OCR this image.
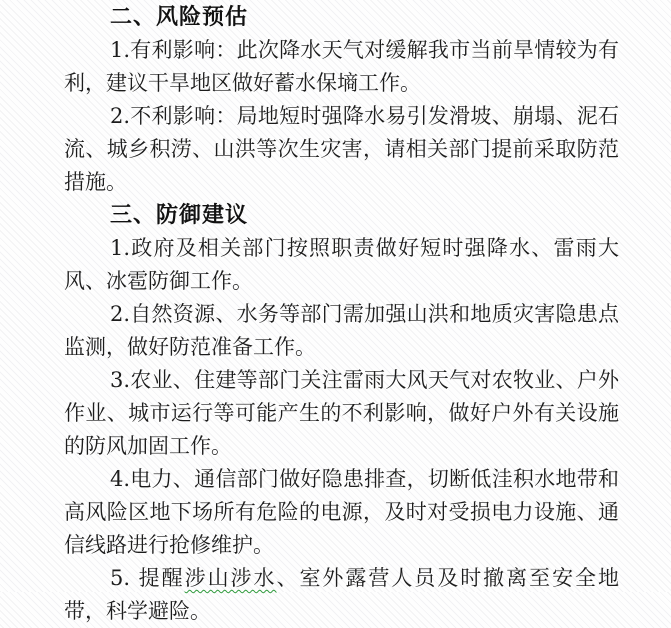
二、风险预估

1.有利影响：此次降水天气对缓解我市当前旱情较为有利，建议干旱地区做好蓄水保墒工作。

2.不利影响：局地短时强降水易引发滑坡、崩塌、泥石流、城乡积涝、山洪等次生灾害，请相关部门提前采取防范措施。

三、防御建议

1.政府及相关部门按照职责做好短时强降水、雷雨大风、冰雹防御工作。

2.自然资源、水务等部门需加强山洪和地质灾害隐患点监测，做好防范准备工作。

3.农业、住建等部门关注雷雨大风天气对农牧业、户外作业、城市运行等可能产生的不利影响，做好户外有关设施的防风加固工作。

4.电力、通信部门做好隐患排查，切断低洼积水地带和高风险区地下场所有危险的电源，及时对受损电力设施、通信线路进行抢修维护。

5. 提醒涉山涉水、室外露营人员及时撤离至安全地带，科学避险。
